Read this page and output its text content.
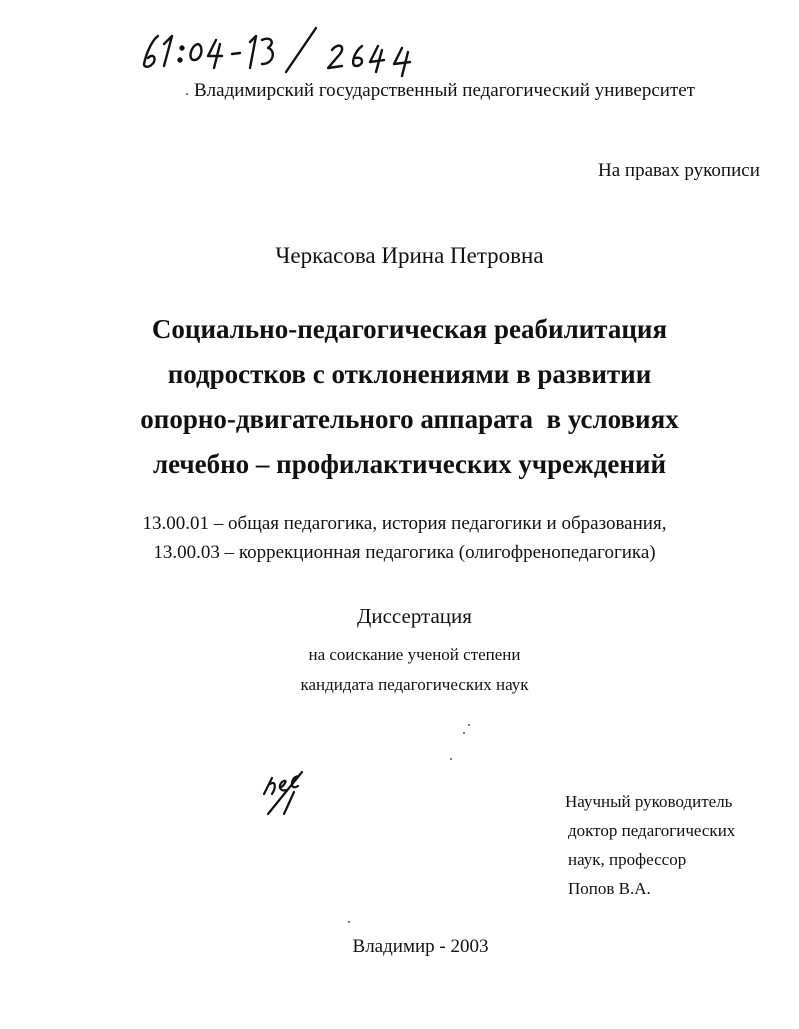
Владимирский государственный педагогический университет
На правах рукописи
Черкасова Ирина Петровна
Социально-педагогическая реабилитация
подростков с отклонениями в развитии
опорно-двигательного аппарата  в условиях
лечебно – профилактических учреждений
13.00.01 – общая педагогика, история педагогики и образования,
13.00.03 – коррекционная педагогика (олигофренопедагогика)
Диссертация
на соискание ученой степени
кандидата педагогических наук
Научный руководитель
доктор педагогических
наук, профессор
Попов В.А.
Владимир - 2003
